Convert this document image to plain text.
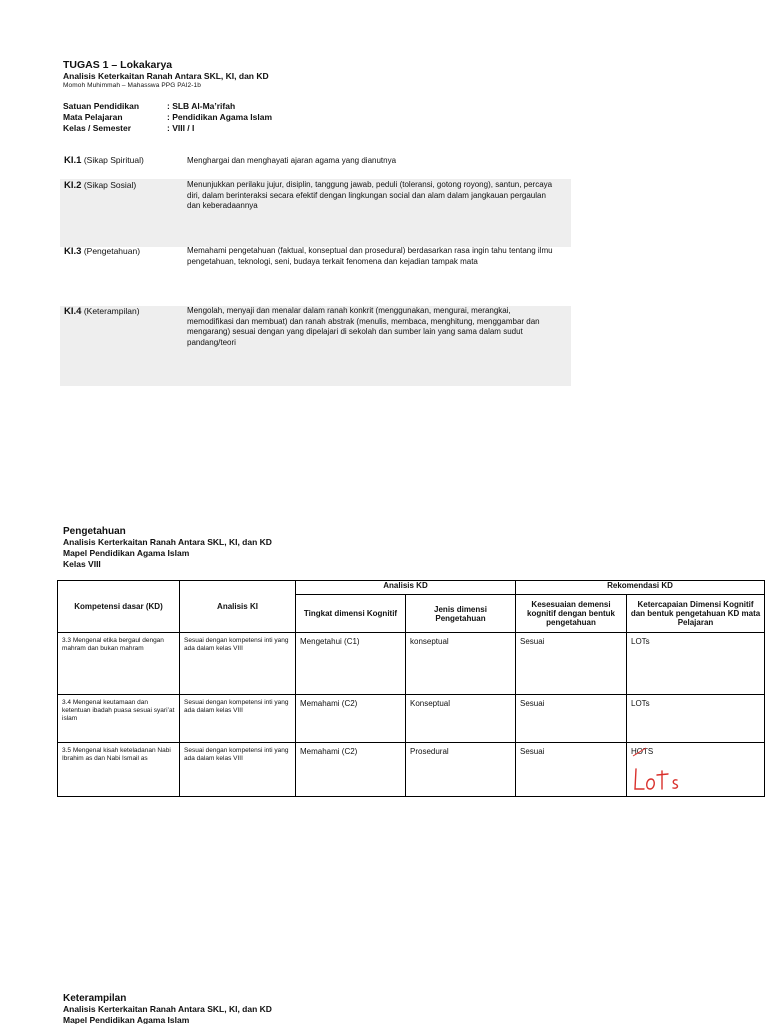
TUGAS 1 – Lokakarya
Analisis Keterkaitan Ranah Antara SKL, KI, dan KD
Momoh Muhimmah – Mahasswa PPG PAI2-1b
Satuan Pendidikan	: SLB Al-Ma’rifah
Mata Pelajaran	: Pendidikan Agama Islam
Kelas / Semester	: VIII / I
KI.1 (Sikap Spiritual)	Menghargai dan menghayati ajaran agama yang dianutnya
KI.2 (Sikap Sosial)	Menunjukkan perilaku jujur, disiplin, tanggung jawab, peduli (toleransi, gotong royong), santun, percaya diri, dalam berinteraksi secara efektif dengan lingkungan social dan alam dalam jangkauan pergaulan dan keberadaannya
KI.3 (Pengetahuan)	Memahami pengetahuan (faktual, konseptual dan prosedural) berdasarkan rasa ingin tahu tentang ilmu pengetahuan, teknologi, seni, budaya terkait fenomena dan kejadian tampak mata
KI.4 (Keterampilan)	Mengolah, menyaji dan menalar dalam ranah konkrit (menggunakan, mengurai, merangkai, memodifikasi dan membuat) dan ranah abstrak (menulis, membaca, menghitung, menggambar dan mengarang) sesuai dengan yang dipelajari di sekolah dan sumber lain yang sama dalam sudut pandang/teori
Pengetahuan
Analisis Kerterkaitan Ranah Antara SKL, KI, dan KD
Mapel Pendidikan Agama Islam
Kelas VIII
Kompetensi dasar (KD)	Analisis KI	Analisis KD		Rekomendasi KD	
		Tingkat dimensi Kognitif	Jenis dimensi Pengetahuan	Kesesuaian demensi kognitif dengan bentuk pengetahuan	Ketercapaian Dimensi Kognitif dan bentuk pengetahuan KD mata Pelajaran
3.3 Mengenal etika bergaul dengan mahram dan bukan mahram	Sesuai dengan kompetensi inti yang ada dalam kelas VIII	Mengetahui (C1)	konseptual	Sesuai	LOTs
3.4 Mengenal keutamaan dan ketentuan ibadah puasa sesuai syari’at islam	Sesuai dengan kompetensi inti yang ada dalam kelas VIII	Memahami (C2)	Konseptual	Sesuai	LOTs
3.5 Mengenal kisah keteladanan Nabi Ibrahim as dan Nabi Ismail as	Sesuai dengan kompetensi inti yang ada dalam kelas VIII	Memahami (C2)	Prosedural	Sesuai	HOTS
Keterampilan
Analisis Kerterkaitan Ranah Antara SKL, KI, dan KD
Mapel Pendidikan Agama Islam
